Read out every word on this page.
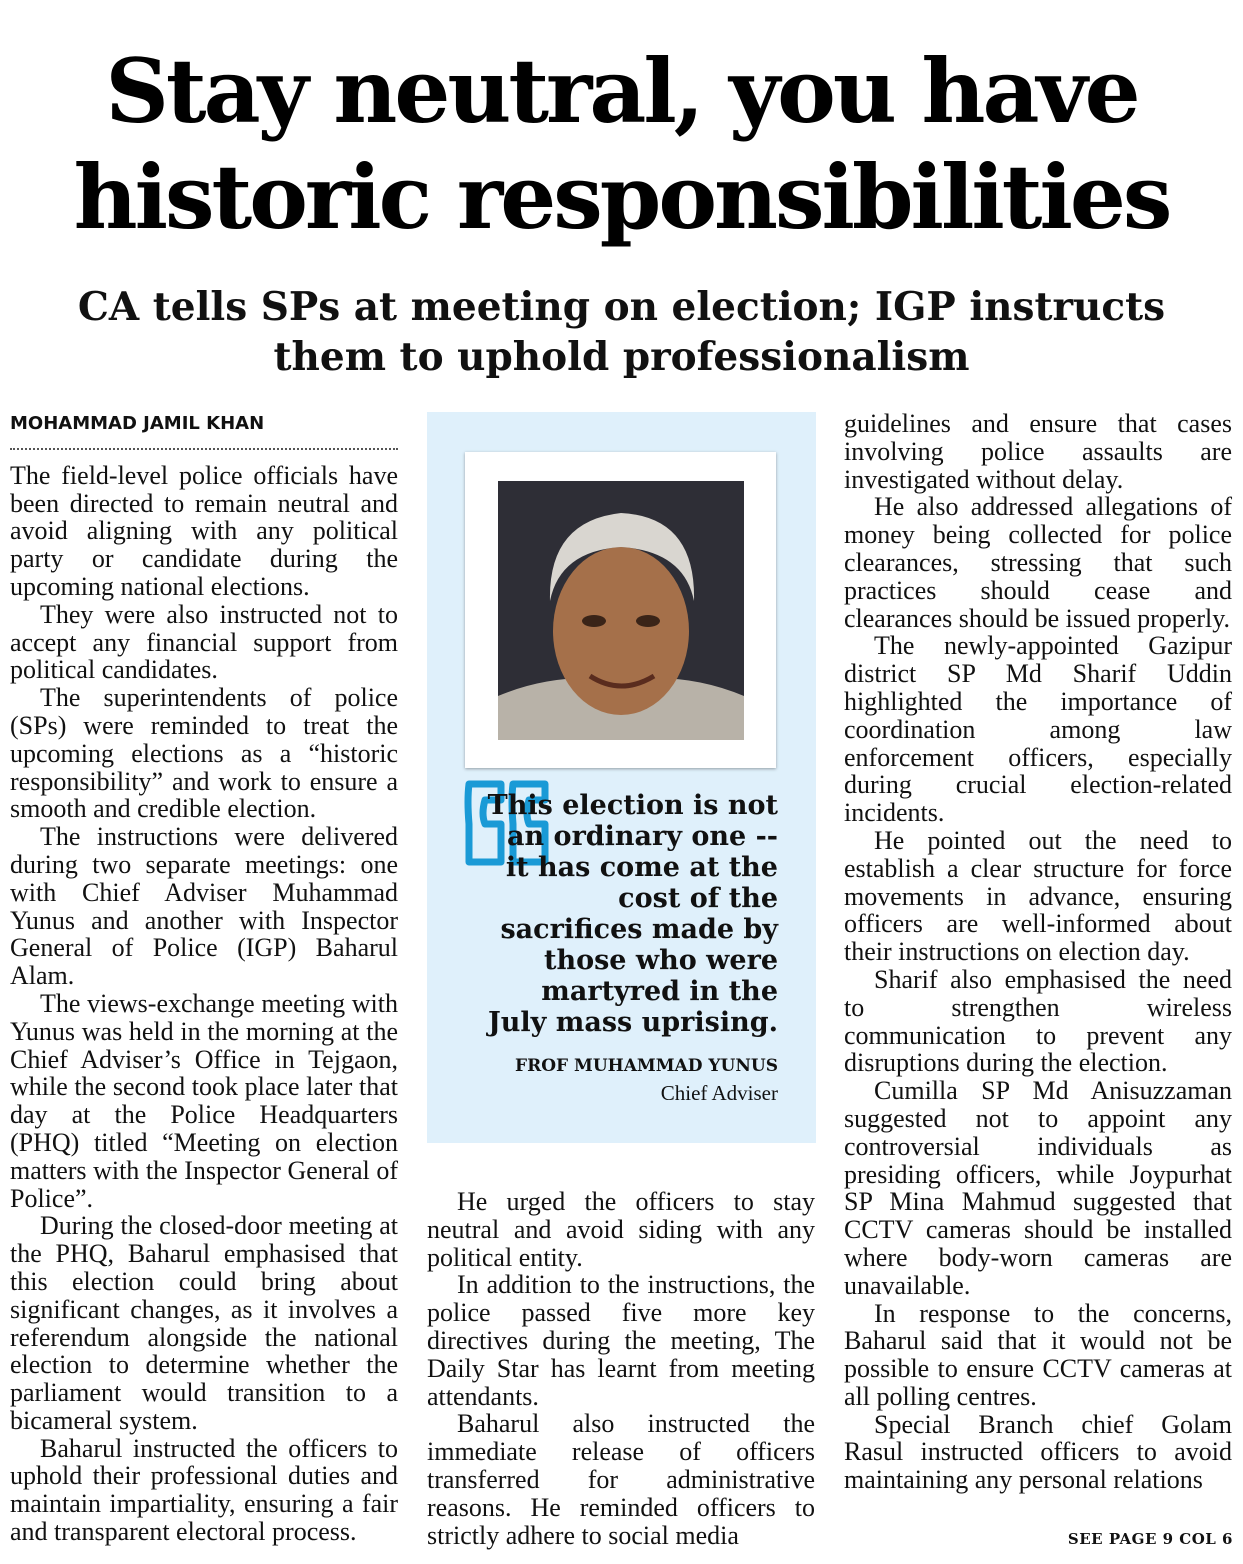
Stay neutral, you have
historic responsibilities
CA tells SPs at meeting on election; IGP instructs
them to uphold professionalism
MOHAMMAD JAMIL KHAN

The field-level police officials have been directed to remain neutral and avoid aligning with any political party or candidate during the upcoming national elections.

They were also instructed not to accept any financial support from political candidates.

The superintendents of police (SPs) were reminded to treat the upcoming elections as a “historic responsibility” and work to ensure a smooth and credible election.

The instructions were delivered during two separate meetings: one with Chief Adviser Muhammad Yunus and another with Inspector General of Police (IGP) Baharul Alam.

The views-exchange meeting with Yunus was held in the morning at the Chief Adviser’s Office in Tejgaon, while the second took place later that day at the Police Headquarters (PHQ) titled “Meeting on election matters with the Inspector General of Police”.

During the closed-door meeting at the PHQ, Baharul emphasised that this election could bring about significant changes, as it involves a referendum alongside the national election to determine whether the parliament would transition to a bicameral system.

Baharul instructed the officers to uphold their professional duties and maintain impartiality, ensuring a fair and transparent electoral process.

This election is not an ordinary one -- it has come at the cost of the sacrifices made by those who were martyred in the July mass uprising.
FROF MUHAMMAD YUNUS
Chief Adviser

He urged the officers to stay neutral and avoid siding with any political entity.

In addition to the instructions, the police passed five more key directives during the meeting, The Daily Star has learnt from meeting attendants.

Baharul also instructed the immediate release of officers transferred for administrative reasons. He reminded officers to strictly adhere to social media

guidelines and ensure that cases involving police assaults are investigated without delay.

He also addressed allegations of money being collected for police clearances, stressing that such practices should cease and clearances should be issued properly.

The newly-appointed Gazipur district SP Md Sharif Uddin highlighted the importance of coordination among law enforcement officers, especially during crucial election-related incidents.

He pointed out the need to establish a clear structure for force movements in advance, ensuring officers are well-informed about their instructions on election day.

Sharif also emphasised the need to strengthen wireless communication to prevent any disruptions during the election.

Cumilla SP Md Anisuzzaman suggested not to appoint any controversial individuals as presiding officers, while Joypurhat SP Mina Mahmud suggested that CCTV cameras should be installed where body-worn cameras are unavailable.

In response to the concerns, Baharul said that it would not be possible to ensure CCTV cameras at all polling centres.

Special Branch chief Golam Rasul instructed officers to avoid maintaining any personal relations

SEE PAGE 9 COL 6
